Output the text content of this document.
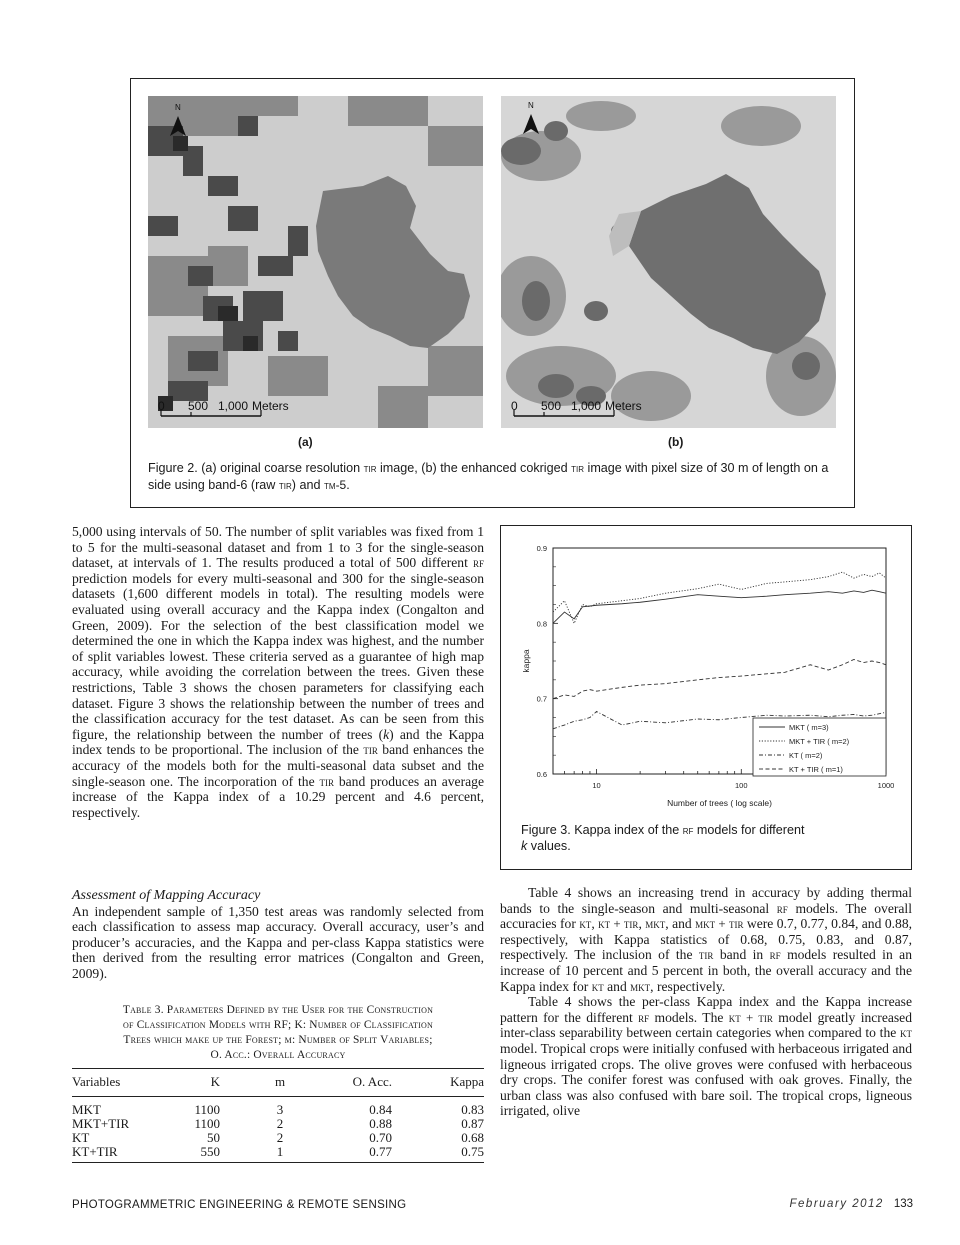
N
0 500 1,000 Meters
(a)
N
0 500 1,000 Meters
(b)
Figure 2. (a) original coarse resolution tir image, (b) the enhanced cokriged tir image with pixel size of 30 m of length on a side using band-6 (raw tir) and tm-5.
5,000 using intervals of 50. The number of split variables was fixed from 1 to 5 for the multi-seasonal dataset and from 1 to 3 for the single-season dataset, at intervals of 1. The results produced a total of 500 different rf prediction models for every multi-seasonal and 300 for the single-season datasets (1,600 different models in total). The resulting models were evaluated using overall accuracy and the Kappa index (Congalton and Green, 2009). For the selection of the best classification model we determined the one in which the Kappa index was highest, and the number of split variables lowest. These criteria served as a guarantee of high map accuracy, while avoiding the correlation between the trees. Given these restrictions, Table 3 shows the chosen parameters for classifying each dataset. Figure 3 shows the relationship between the number of trees and the classification accuracy for the test dataset. As can be seen from this figure, the relationship between the number of trees (k) and the Kappa index tends to be proportional. The inclusion of the tir band enhances the accuracy of the models both for the multi-seasonal data subset and the single-season one. The incorporation of the tir band produces an average increase of the Kappa index of a 10.29 percent and 4.6 percent, respectively.
Assessment of Mapping Accuracy
An independent sample of 1,350 test areas was randomly selected from each classification to assess map accuracy. Overall accuracy, user’s and producer’s accuracies, and the Kappa and per-class Kappa statistics were then derived from the resulting error matrices (Congalton and Green, 2009).
Table 3. Parameters Defined by the User for the Construction
of Classification Models with RF; K: Number of Classification
Trees which make up the Forest; m: Number of Split Variables;
O. Acc.: Overall Accuracy
Variables	K	m	O. Acc.	Kappa
MKT	1100	3	0.84	0.83
MKT+TIR	1100	2	0.88	0.87
KT	50	2	0.70	0.68
KT+TIR	550	1	0.77	0.75
10	100	1000
0.6
0.7
0.8
0.9
Number of trees ( log scale)
kappa
MKT ( m=3)
MKT + TIR ( m=2)
KT ( m=2)
KT + TIR ( m=1)
Figure 3. Kappa index of the rf models for different
k values.
Table 4 shows an increasing trend in accuracy by adding thermal bands to the single-season and multi-seasonal rf models. The overall accuracies for kt, kt + tir, mkt, and mkt + tir were 0.7, 0.77, 0.84, and 0.88, respectively, with Kappa statistics of 0.68, 0.75, 0.83, and 0.87, respectively. The inclusion of the tir band in rf models resulted in an increase of 10 percent and 5 percent in both, the overall accuracy and the Kappa index for kt and mkt, respectively.
Table 4 shows the per-class Kappa index and the Kappa increase pattern for the different rf models. The kt + tir model greatly increased inter-class separability between certain categories when compared to the kt model. Tropical crops were initially confused with herbaceous irrigated and ligneous irrigated crops. The olive groves were confused with herbaceous dry crops. The conifer forest was confused with oak groves. Finally, the urban class was also confused with bare soil. The tropical crops, ligneous irrigated, olive
PHOTOGRAMMETRIC ENGINEERING & REMOTE SENSING	February 2012 133
